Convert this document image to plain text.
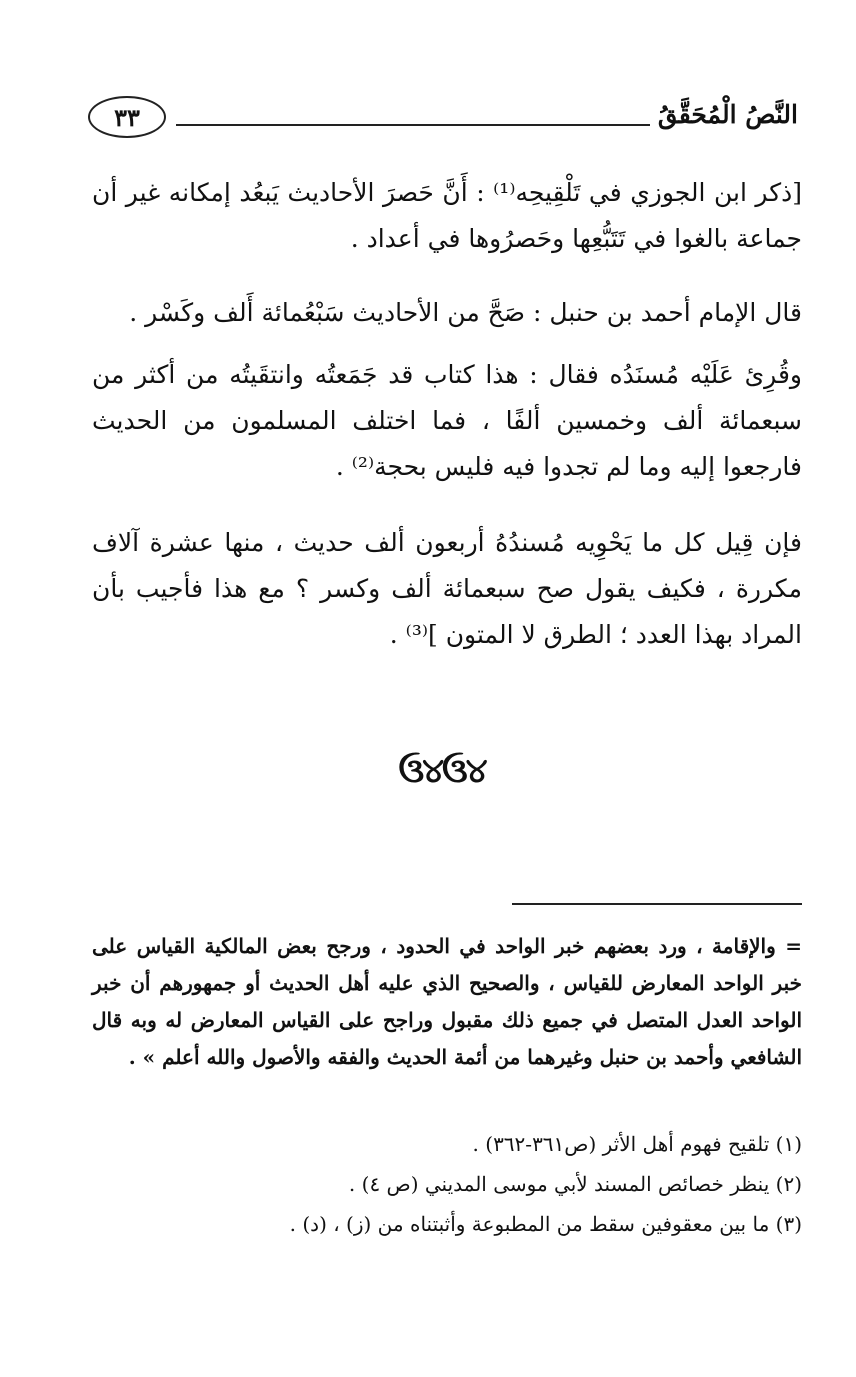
٣٣	النَّصُ الْمُحَقَّقُ
[ذكر ابن الجوزي في تَلْقِيحِه⁽¹⁾ : أَنَّ حَصرَ الأحاديث يَبعُد إمكانه غير أن جماعة بالغوا في تَتَبُّعِها وحَصرُوها في أعداد .
قال الإمام أحمد بن حنبل : صَحَّ من الأحاديث سَبْعُمائة أَلف وكَسْر .
وقُرِئ عَلَيْه مُسنَدُه فقال : هذا كتاب قد جَمَعتُه وانتقَيتُه من أكثر من سبعمائة ألف وخمسين ألفًا ، فما اختلف المسلمون من الحديث فارجعوا إليه وما لم تجدوا فيه فليس بحجة⁽²⁾ .
فإن قِيل كل ما يَحْوِيه مُسندُهُ أربعون ألف حديث ، منها عشرة آلاف مكررة ، فكيف يقول صح سبعمائة ألف وكسر ؟ مع هذا فأجيب بأن المراد بهذا العدد ؛ الطرق لا المتون ]⁽³⁾ .
ઉ୪ઉ୪
= والإقامة ، ورد بعضهم خبر الواحد في الحدود ، ورجح بعض المالكية القياس على خبر الواحد المعارض للقياس ، والصحيح الذي عليه أهل الحديث أو جمهورهم أن خبر الواحد العدل المتصل في جميع ذلك مقبول وراجح على القياس المعارض له وبه قال الشافعي وأحمد بن حنبل وغيرهما من أئمة الحديث والفقه والأصول والله أعلم » .
(١) تلقيح فهوم أهل الأثر (ص٣٦١-٣٦٢) .
(٢) ينظر خصائص المسند لأبي موسى المديني (ص ٤) .
(٣) ما بين معقوفين سقط من المطبوعة وأثبتناه من (ز) ، (د) .
